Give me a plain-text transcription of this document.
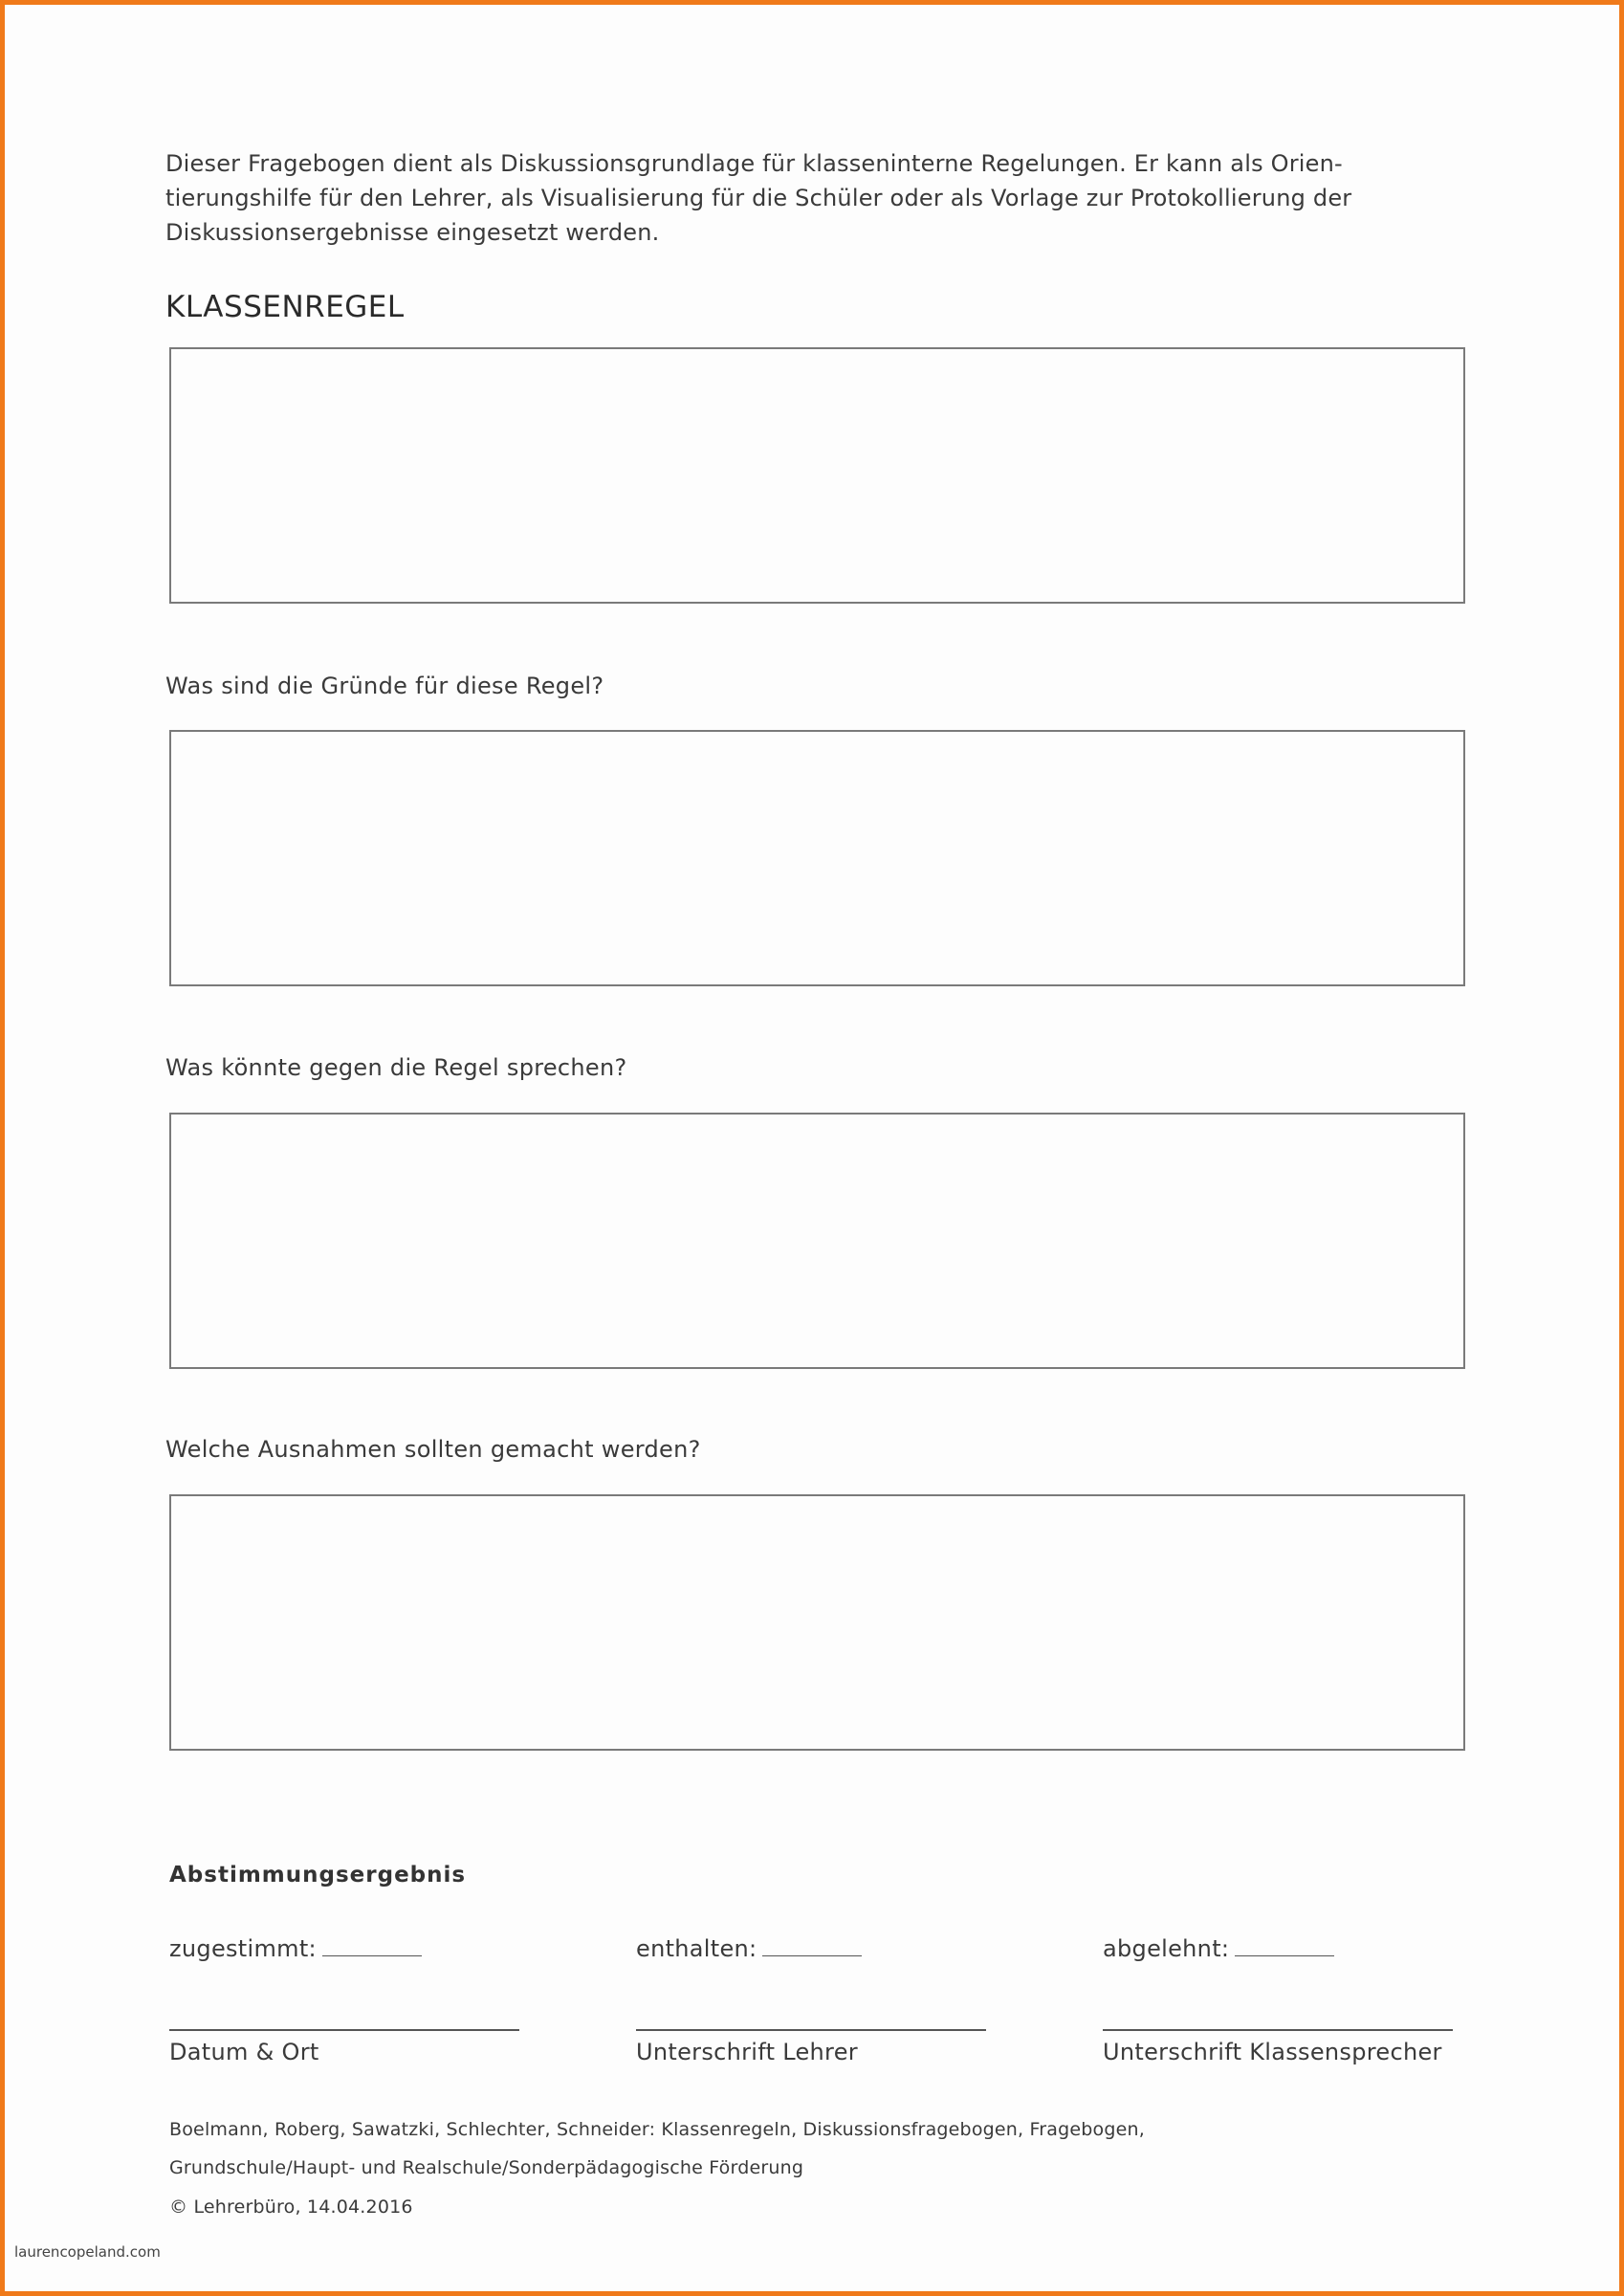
Dieser Fragebogen dient als Diskussionsgrundlage für klasseninterne Regelungen. Er kann als Orien-
tierungshilfe für den Lehrer, als Visualisierung für die Schüler oder als Vorlage zur Protokollierung der
Diskussionsergebnisse eingesetzt werden.
KLASSENREGEL
Was sind die Gründe für diese Regel?
Was könnte gegen die Regel sprechen?
Welche Ausnahmen sollten gemacht werden?
Abstimmungsergebnis
zugestimmt:	enthalten:	abgelehnt:
Datum & Ort	Unterschrift Lehrer	Unterschrift Klassensprecher
Boelmann, Roberg, Sawatzki, Schlechter, Schneider: Klassenregeln, Diskussionsfragebogen, Fragebogen,
Grundschule/Haupt- und Realschule/Sonderpädagogische Förderung
© Lehrerbüro, 14.04.2016
laurencopeland.com
